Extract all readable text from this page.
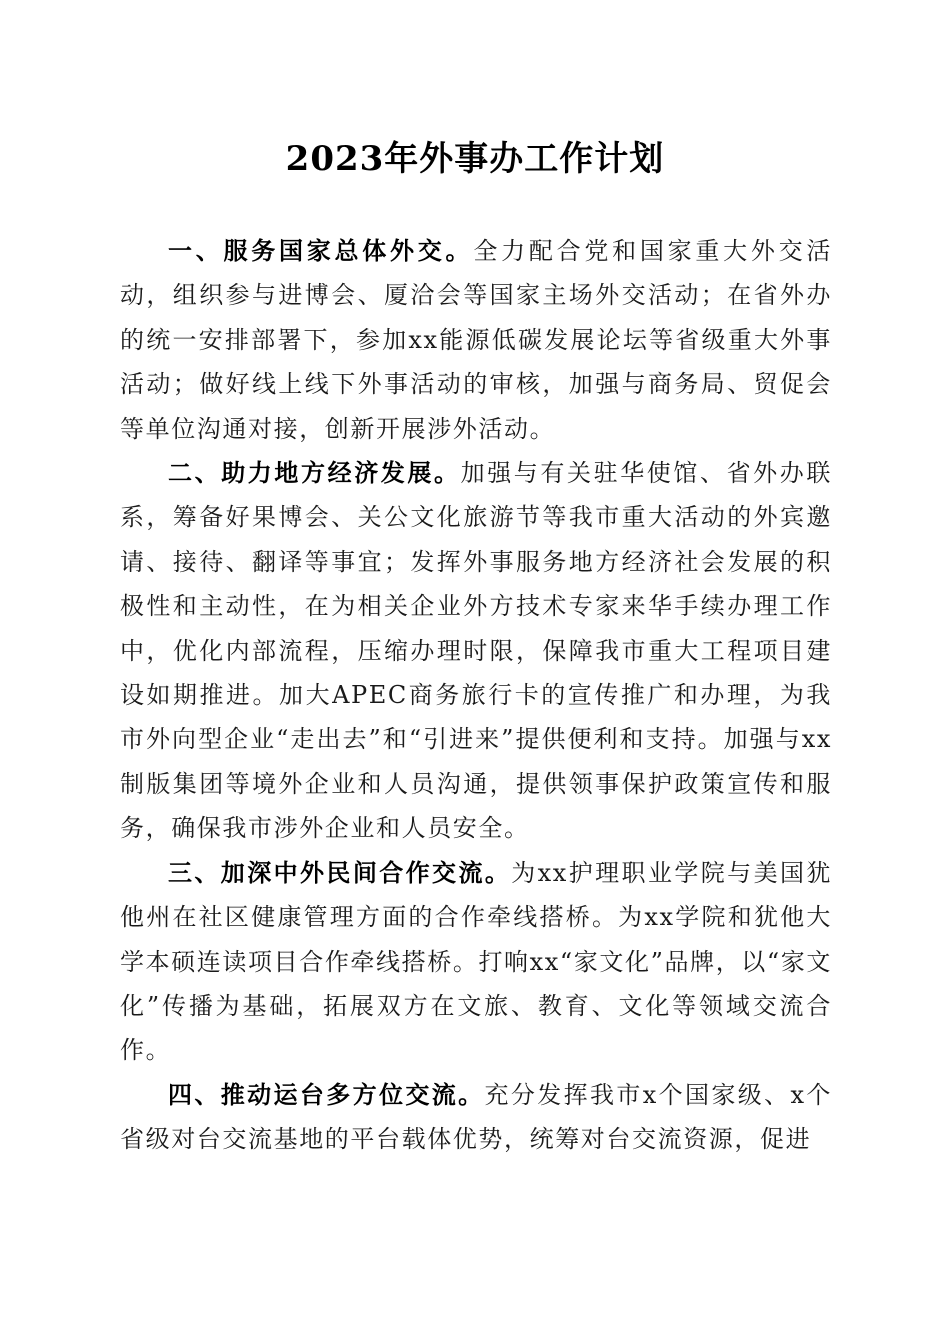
2023年外事办工作计划

一、服务国家总体外交。全力配合党和国家重大外交活动，组织参与进博会、厦洽会等国家主场外交活动；在省外办的统一安排部署下，参加xx能源低碳发展论坛等省级重大外事活动；做好线上线下外事活动的审核，加强与商务局、贸促会等单位沟通对接，创新开展涉外活动。

二、助力地方经济发展。加强与有关驻华使馆、省外办联系，筹备好果博会、关公文化旅游节等我市重大活动的外宾邀请、接待、翻译等事宜；发挥外事服务地方经济社会发展的积极性和主动性，在为相关企业外方技术专家来华手续办理工作中，优化内部流程，压缩办理时限，保障我市重大工程项目建设如期推进。加大APEC商务旅行卡的宣传推广和办理，为我市外向型企业“走出去”和“引进来”提供便利和支持。加强与xx制版集团等境外企业和人员沟通，提供领事保护政策宣传和服务，确保我市涉外企业和人员安全。

三、加深中外民间合作交流。为xx护理职业学院与美国犹他州在社区健康管理方面的合作牵线搭桥。为xx学院和犹他大学本硕连读项目合作牵线搭桥。打响xx“家文化”品牌，以“家文化”传播为基础，拓展双方在文旅、教育、文化等领域交流合作。

四、推动运台多方位交流。充分发挥我市x个国家级、x个省级对台交流基地的平台载体优势，统筹对台交流资源，促进
